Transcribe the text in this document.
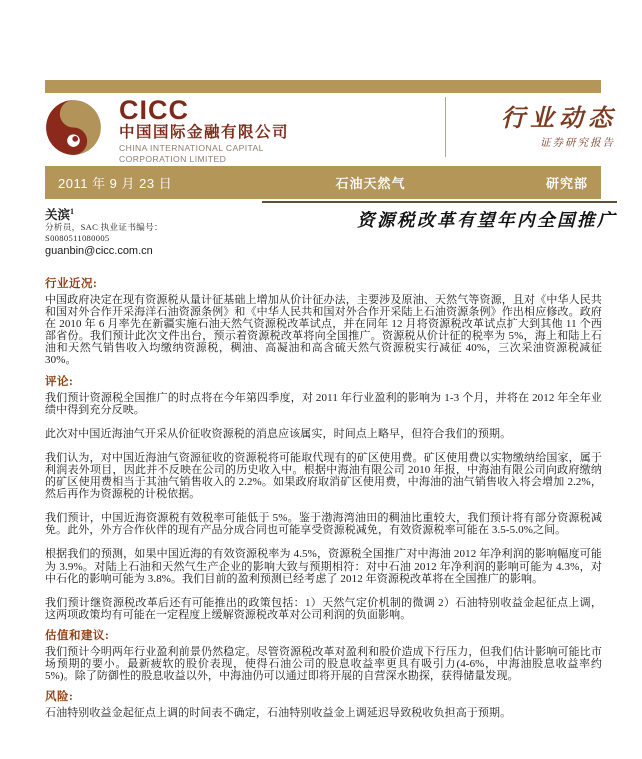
CICC
中国国际金融有限公司
CHINA INTERNATIONAL CAPITAL
CORPORATION LIMITED
行业动态
证券研究报告
2011 年 9 月 23 日	石油天然气	研究部
关滨$^1$
分析员，SAC 执业证书编号：
S0080511080005
guanbin@cicc.com.cn
资源税改革有望年内全国推广
行业近况:

中国政府决定在现有资源税从量计征基础上增加从价计征办法，主要涉及原油、天然气等资源，且对《中华人民共和国对外合作开采海洋石油资源条例》和《中华人民共和国对外合作开采陆上石油资源条例》作出相应修改。政府在 2010 年 6 月率先在新疆实施石油天然气资源税改革试点，并在同年 12 月将资源税改革试点扩大到其他 11 个西部省份。我们预计此次文件出台，预示着资源税改革将向全国推广。资源税从价计征的税率为 5%，海上和陆上石油和天然气销售收入均缴纳资源税，稠油、高凝油和高含硫天然气资源税实行减征 40%，三次采油资源税减征 30%。

评论:

我们预计资源税全国推广的时点将在今年第四季度，对 2011 年行业盈利的影响为 1-3 个月，并将在 2012 年全年业绩中得到充分反映。

此次对中国近海油气开采从价征收资源税的消息应该属实，时间点上略早，但符合我们的预期。

我们认为，对中国近海油气资源征收的资源税将可能取代现有的矿区使用费。矿区使用费以实物缴纳给国家，属于利润表外项目，因此并不反映在公司的历史收入中。根据中海油有限公司 2010 年报，中海油有限公司向政府缴纳的矿区使用费相当于其油气销售收入的 2.2%。如果政府取消矿区使用费，中海油的油气销售收入将会增加 2.2%，然后再作为资源税的计税依据。

我们预计，中国近海资源税有效税率可能低于 5%。鉴于渤海湾油田的稠油比重较大，我们预计将有部分资源税减免。此外，外方合作伙伴的现有产品分成合同也可能享受资源税减免，有效资源税率可能在 3.5-5.0%之间。

根据我们的预测，如果中国近海的有效资源税率为 4.5%，资源税全国推广对中海油 2012 年净利润的影响幅度可能为 3.9%。对陆上石油和天然气生产企业的影响大致与预期相符：对中石油 2012 年净利润的影响可能为 4.3%，对中石化的影响可能为 3.8%。我们目前的盈利预测已经考虑了 2012 年资源税改革将在全国推广的影响。

我们预计继资源税改革后还有可能推出的政策包括：1）天然气定价机制的微调 2）石油特别收益金起征点上调，这两项政策均有可能在一定程度上缓解资源税改革对公司利润的负面影响。

估值和建议:

我们预计今明两年行业盈利前景仍然稳定。尽管资源税改革对盈利和股价造成下行压力，但我们估计影响可能比市场预期的要小。最新疲软的股价表现，使得石油公司的股息收益率更具有吸引力(4-6%，中海油股息收益率约 5%)。除了防御性的股息收益以外，中海油仍可以通过即将开展的自营深水勘探，获得储量发现。

风险:

石油特别收益金起征点上调的时间表不确定，石油特别收益金上调延迟导致税收负担高于预期。
